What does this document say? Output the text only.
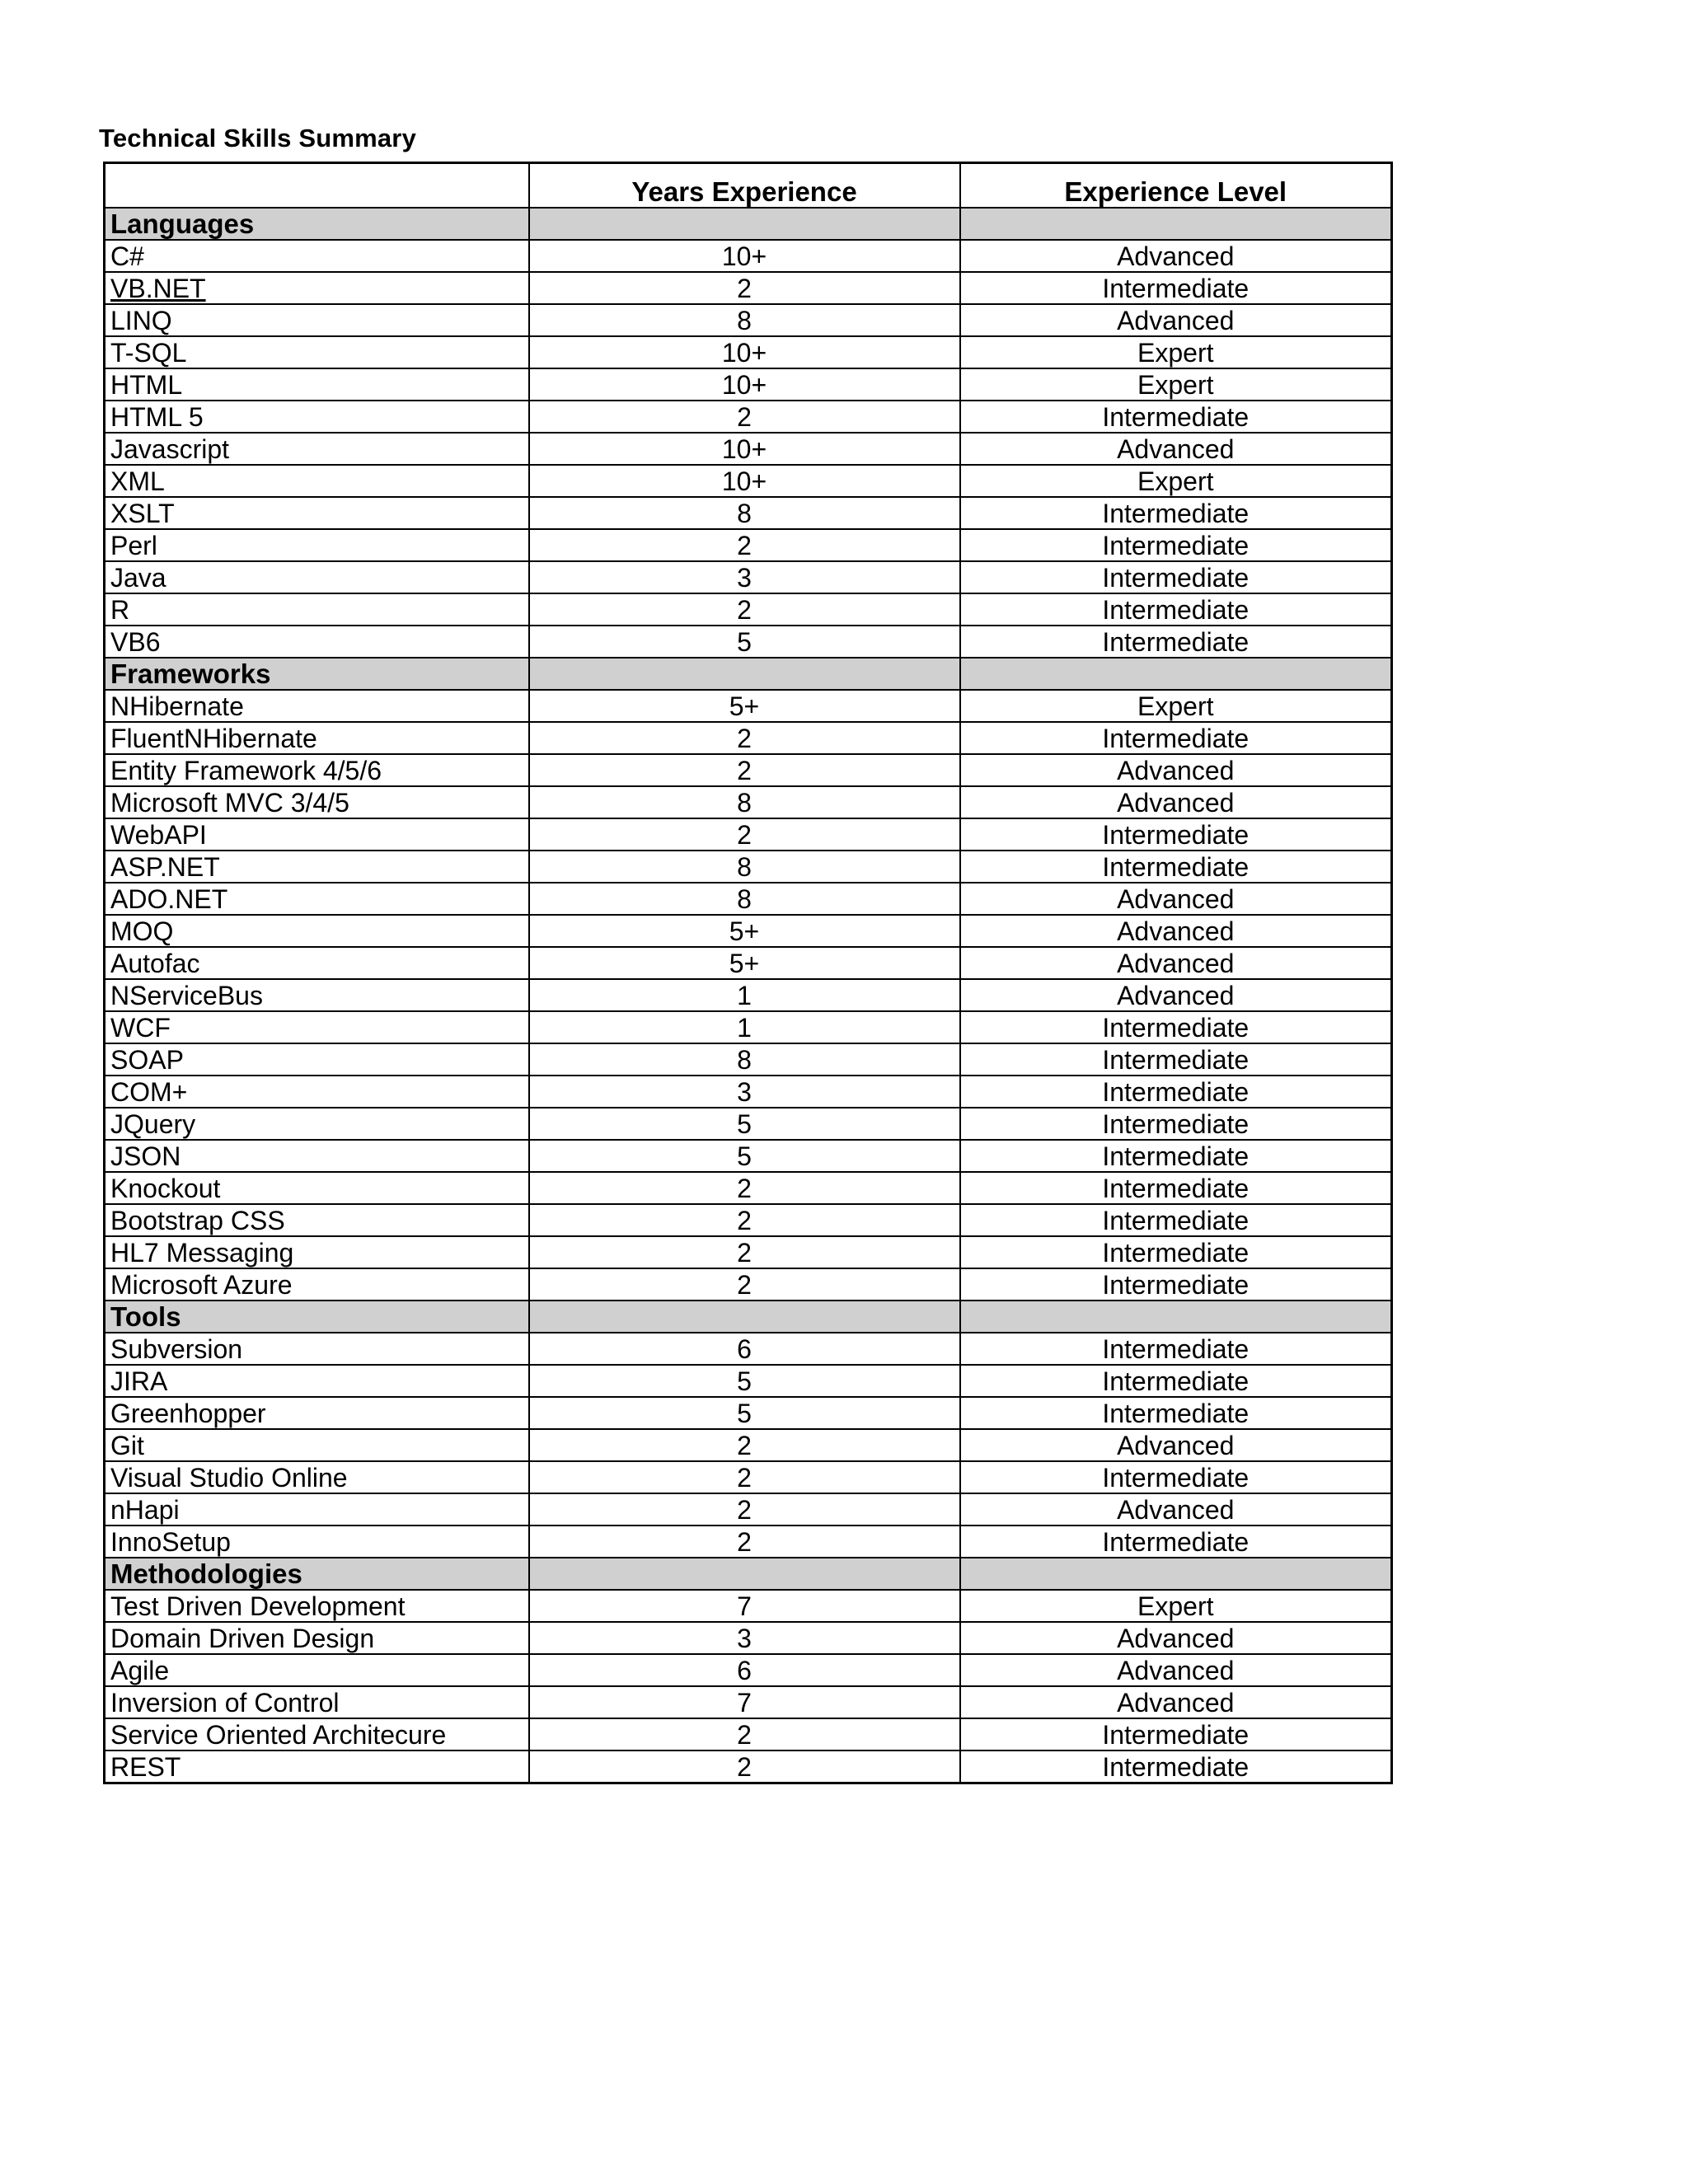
Technical Skills Summary
	Years Experience	Experience Level
Languages		
C#	10+	Advanced
VB.NET	2	Intermediate
LINQ	8	Advanced
T-SQL	10+	Expert
HTML	10+	Expert
HTML 5	2	Intermediate
Javascript	10+	Advanced
XML	10+	Expert
XSLT	8	Intermediate
Perl	2	Intermediate
Java	3	Intermediate
R	2	Intermediate
VB6	5	Intermediate
Frameworks		
NHibernate	5+	Expert
FluentNHibernate	2	Intermediate
Entity Framework 4/5/6	2	Advanced
Microsoft MVC 3/4/5	8	Advanced
WebAPI	2	Intermediate
ASP.NET	8	Intermediate
ADO.NET	8	Advanced
MOQ	5+	Advanced
Autofac	5+	Advanced
NServiceBus	1	Advanced
WCF	1	Intermediate
SOAP	8	Intermediate
COM+	3	Intermediate
JQuery	5	Intermediate
JSON	5	Intermediate
Knockout	2	Intermediate
Bootstrap CSS	2	Intermediate
HL7 Messaging	2	Intermediate
Microsoft Azure	2	Intermediate
Tools		
Subversion	6	Intermediate
JIRA	5	Intermediate
Greenhopper	5	Intermediate
Git	2	Advanced
Visual Studio Online	2	Intermediate
nHapi	2	Advanced
InnoSetup	2	Intermediate
Methodologies		
Test Driven Development	7	Expert
Domain Driven Design	3	Advanced
Agile	6	Advanced
Inversion of Control	7	Advanced
Service Oriented Architecure	2	Intermediate
REST	2	Intermediate
